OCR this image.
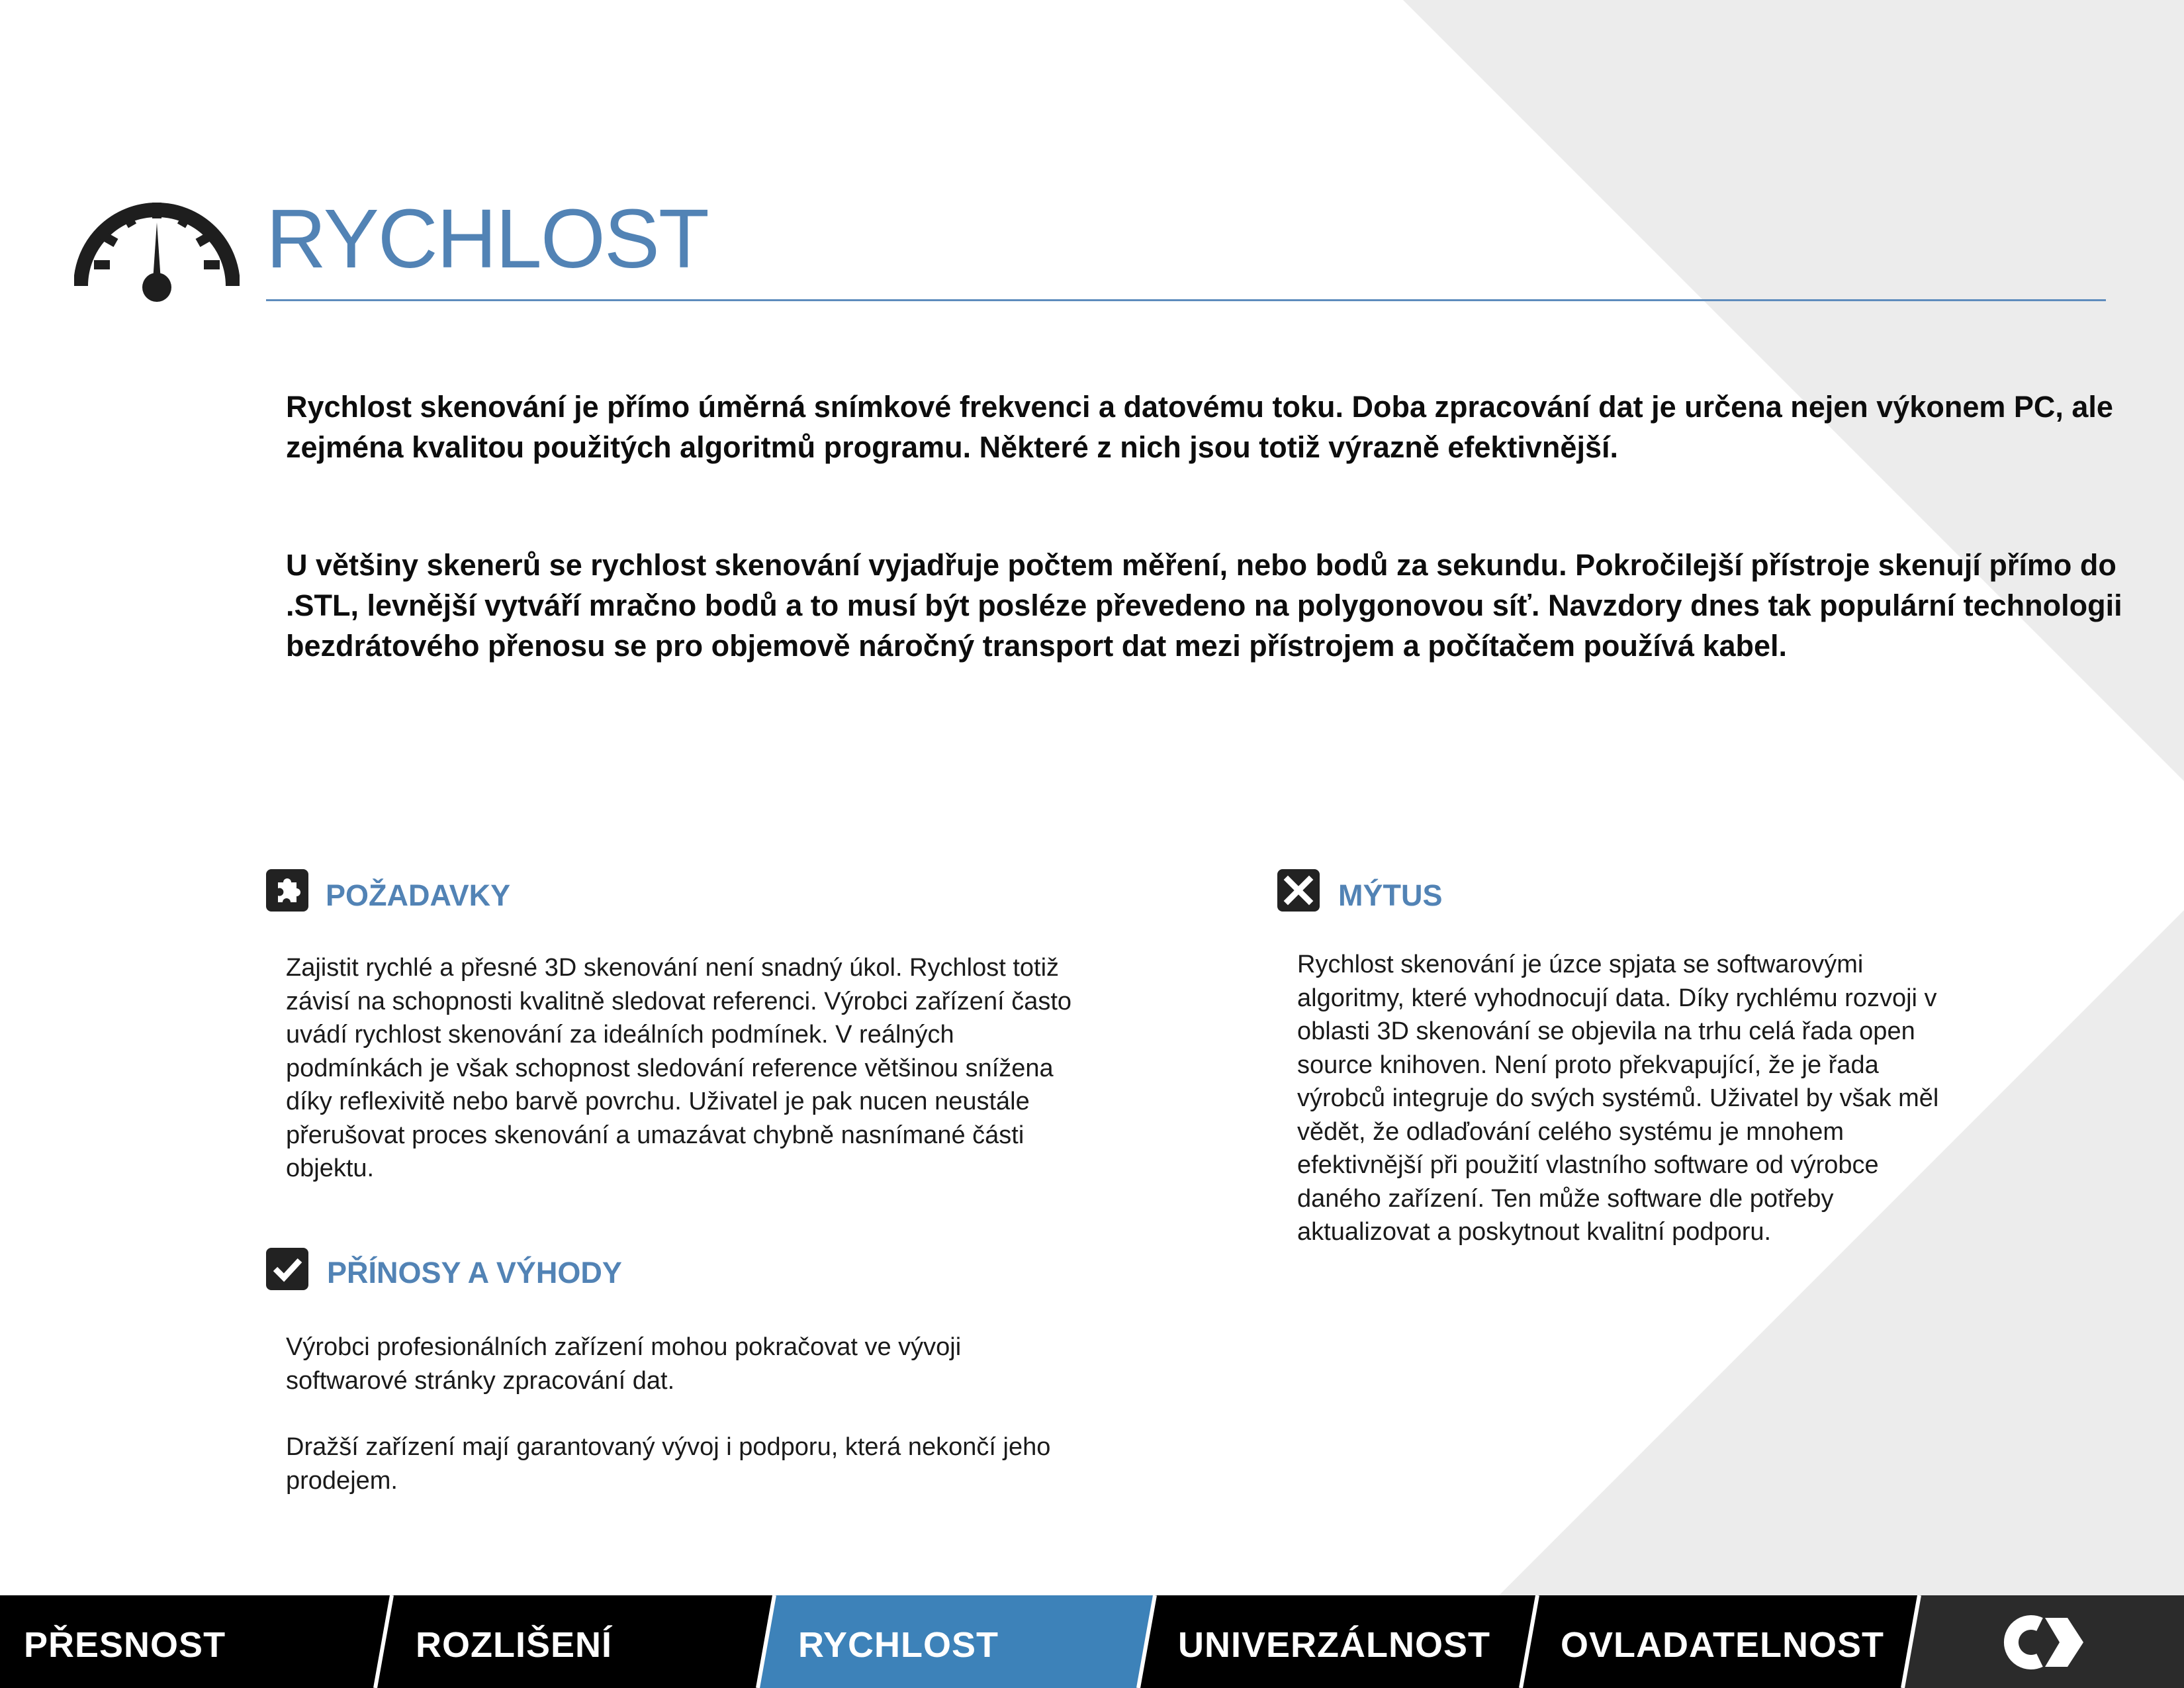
RYCHLOST
Rychlost skenování je přímo úměrná snímkové frekvenci a datovému toku. Doba zpracování dat je určena nejen výkonem PC, ale zejména kvalitou použitých algoritmů programu. Některé z nich jsou totiž výrazně efektivnější.
U většiny skenerů se rychlost skenování vyjadřuje počtem měření, nebo bodů za sekundu. Pokročilejší přístroje skenují přímo do .STL, levnější vytváří mračno bodů a to musí být posléze převedeno na polygonovou síť. Navzdory dnes tak populární technologii bezdrátového přenosu se pro objemově náročný transport dat mezi přístrojem a počítačem používá kabel.
POŽADAVKY

Zajistit rychlé a přesné 3D skenování není snadný úkol. Rychlost totiž závisí na schopnosti kvalitně sledovat referenci. Výrobci zařízení často uvádí rychlost skenování za ideálních podmínek. V reálných podmínkách je však schopnost sledování reference většinou snížena díky reflexivitě nebo barvě povrchu. Uživatel je pak nucen neustále přerušovat proces skenování a umazávat chybně nasnímané části objektu.

PŘÍNOSY A VÝHODY

Výrobci profesionálních zařízení mohou pokračovat ve vývoji softwarové stránky zpracování dat.

Dražší zařízení mají garantovaný vývoj i podporu, která nekončí jeho prodejem.

MÝTUS

Rychlost skenování je úzce spjata se softwarovými algoritmy, které vyhodnocují data. Díky rychlému rozvoji v oblasti 3D skenování se objevila na trhu celá řada open source knihoven. Není proto překvapující, že je řada výrobců integruje do svých systémů. Uživatel by však měl vědět, že odlaďování celého systému je mnohem efektivnější při použití vlastního software od výrobce daného zařízení. Ten může software dle potřeby aktualizovat a poskytnout kvalitní podporu.

PŘESNOST	ROZLIŠENÍ	RYCHLOST	UNIVERZÁLNOST OVLADATELNOST
